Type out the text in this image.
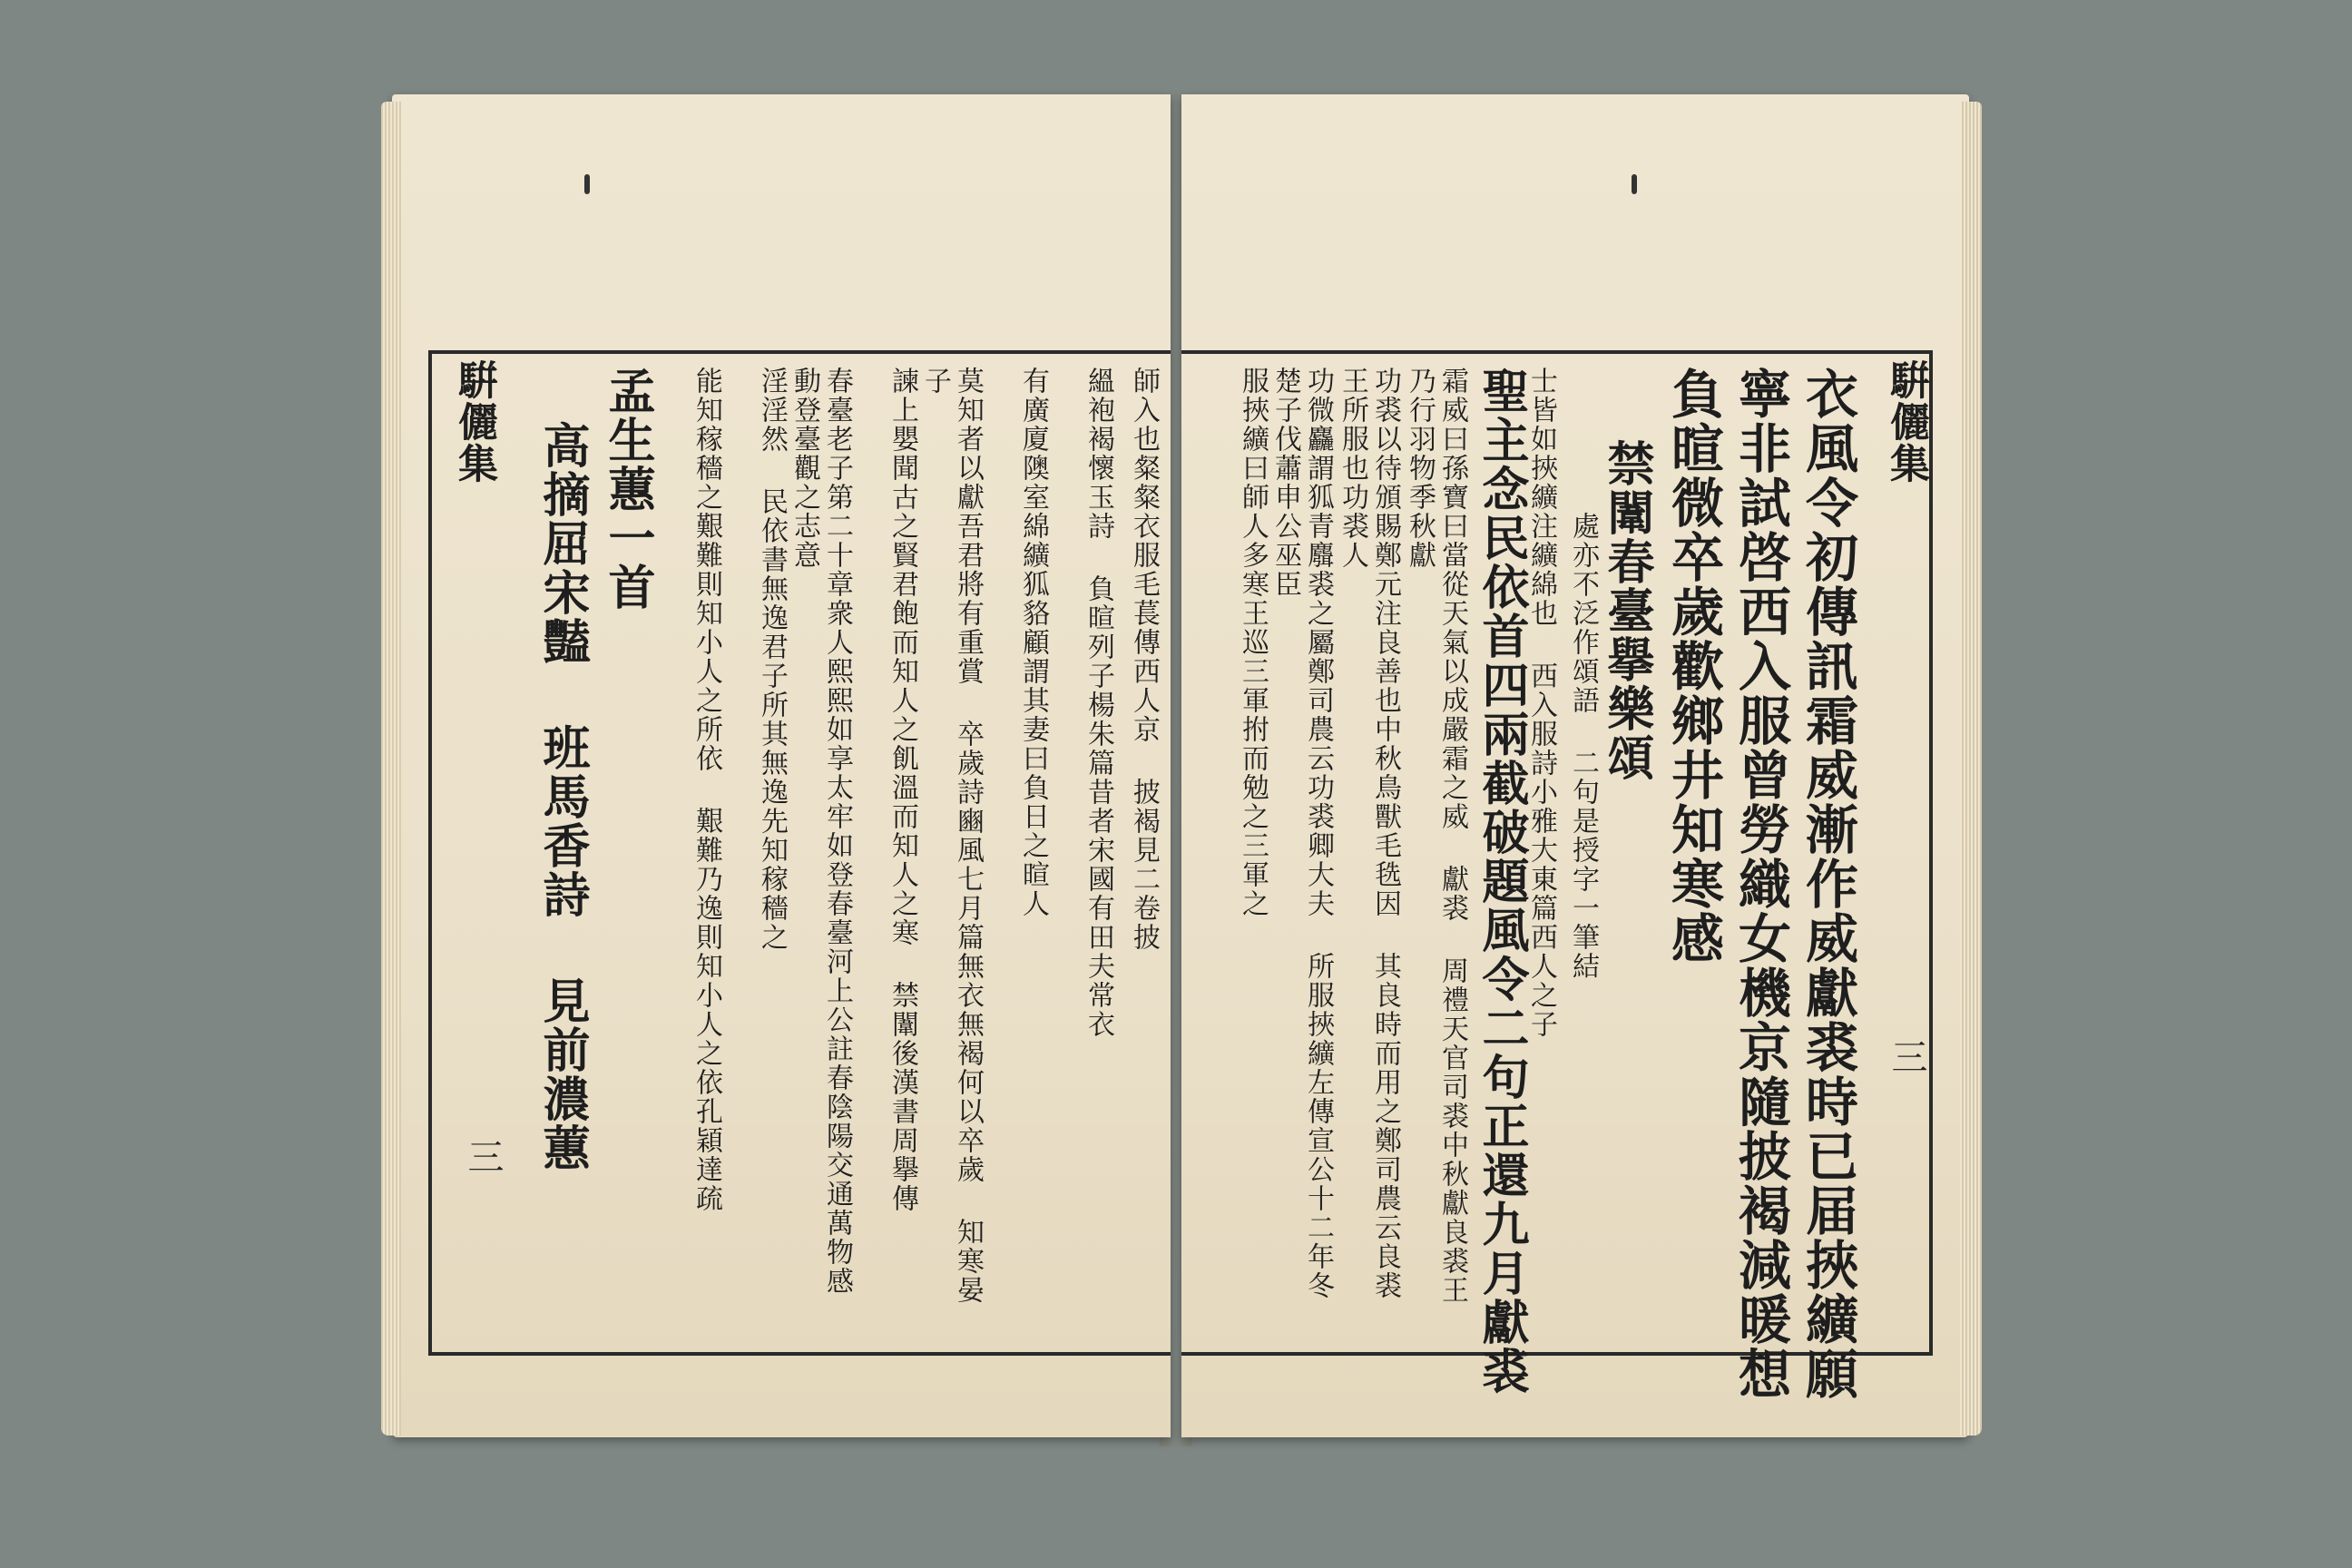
騈儷集 高摘屈宋豔 班馬香詩 見前濃蕙 孟生蕙一首	能知稼穡之艱難則知小人之所依 艱難乃逸則知小人之依孔穎達疏	淫淫然 民依書無逸君子所其無逸先知稼穡之	春臺老子第二十章衆人熙熙如享太牢如登春臺河上公註春陰陽交通萬物感動登臺觀之志意	諫上嬰聞古之賢君飽而知人之飢溫而知人之寒 禁闈後漢書周擧傳	莫知者以獻吾君將有重賞 卒歲詩豳風七月篇無衣無褐何以卒歲 知寒晏子	有廣廈隩室綿纊狐貉顧謂其妻曰負日之暄人	縕袍褐懷玉詩 負暄列子楊朱篇昔者宋國有田夫常衣 師入也粲粲衣服毛萇傳西人京 披褐見二卷披
三
騈儷集
衣風令初傳訊霜威漸作威獻裘時已届挾纊願
寧非試啓西入服曾勞織女機京隨披褐減暖想
負暄微卒歲歡鄉井知寒感
禁闈春臺擧樂頌
處亦不泛作頌語 二句是授字一筆結
聖主念民依首四兩截破題風令二句正還九月獻裘
霜威曰孫寶曰當從天氣以成嚴霜之威 獻裘 周禮天官司裘中秋獻良裘王乃行羽物季秋獻
功裘以待頒賜鄭元注良善也中秋鳥獸毛毨因 其良時而用之鄭司農云良裘王所服也功裘人
功微麤謂狐青麛裘之屬鄭司農云功裘卿大夫 所服挾纊左傳宣公十二年冬楚子伐蕭申公巫臣
服挾纊曰師人多寒王巡三軍拊而勉之三軍之
三
士皆如挾纊注纊綿也 西入服詩小雅大東篇西人之子
